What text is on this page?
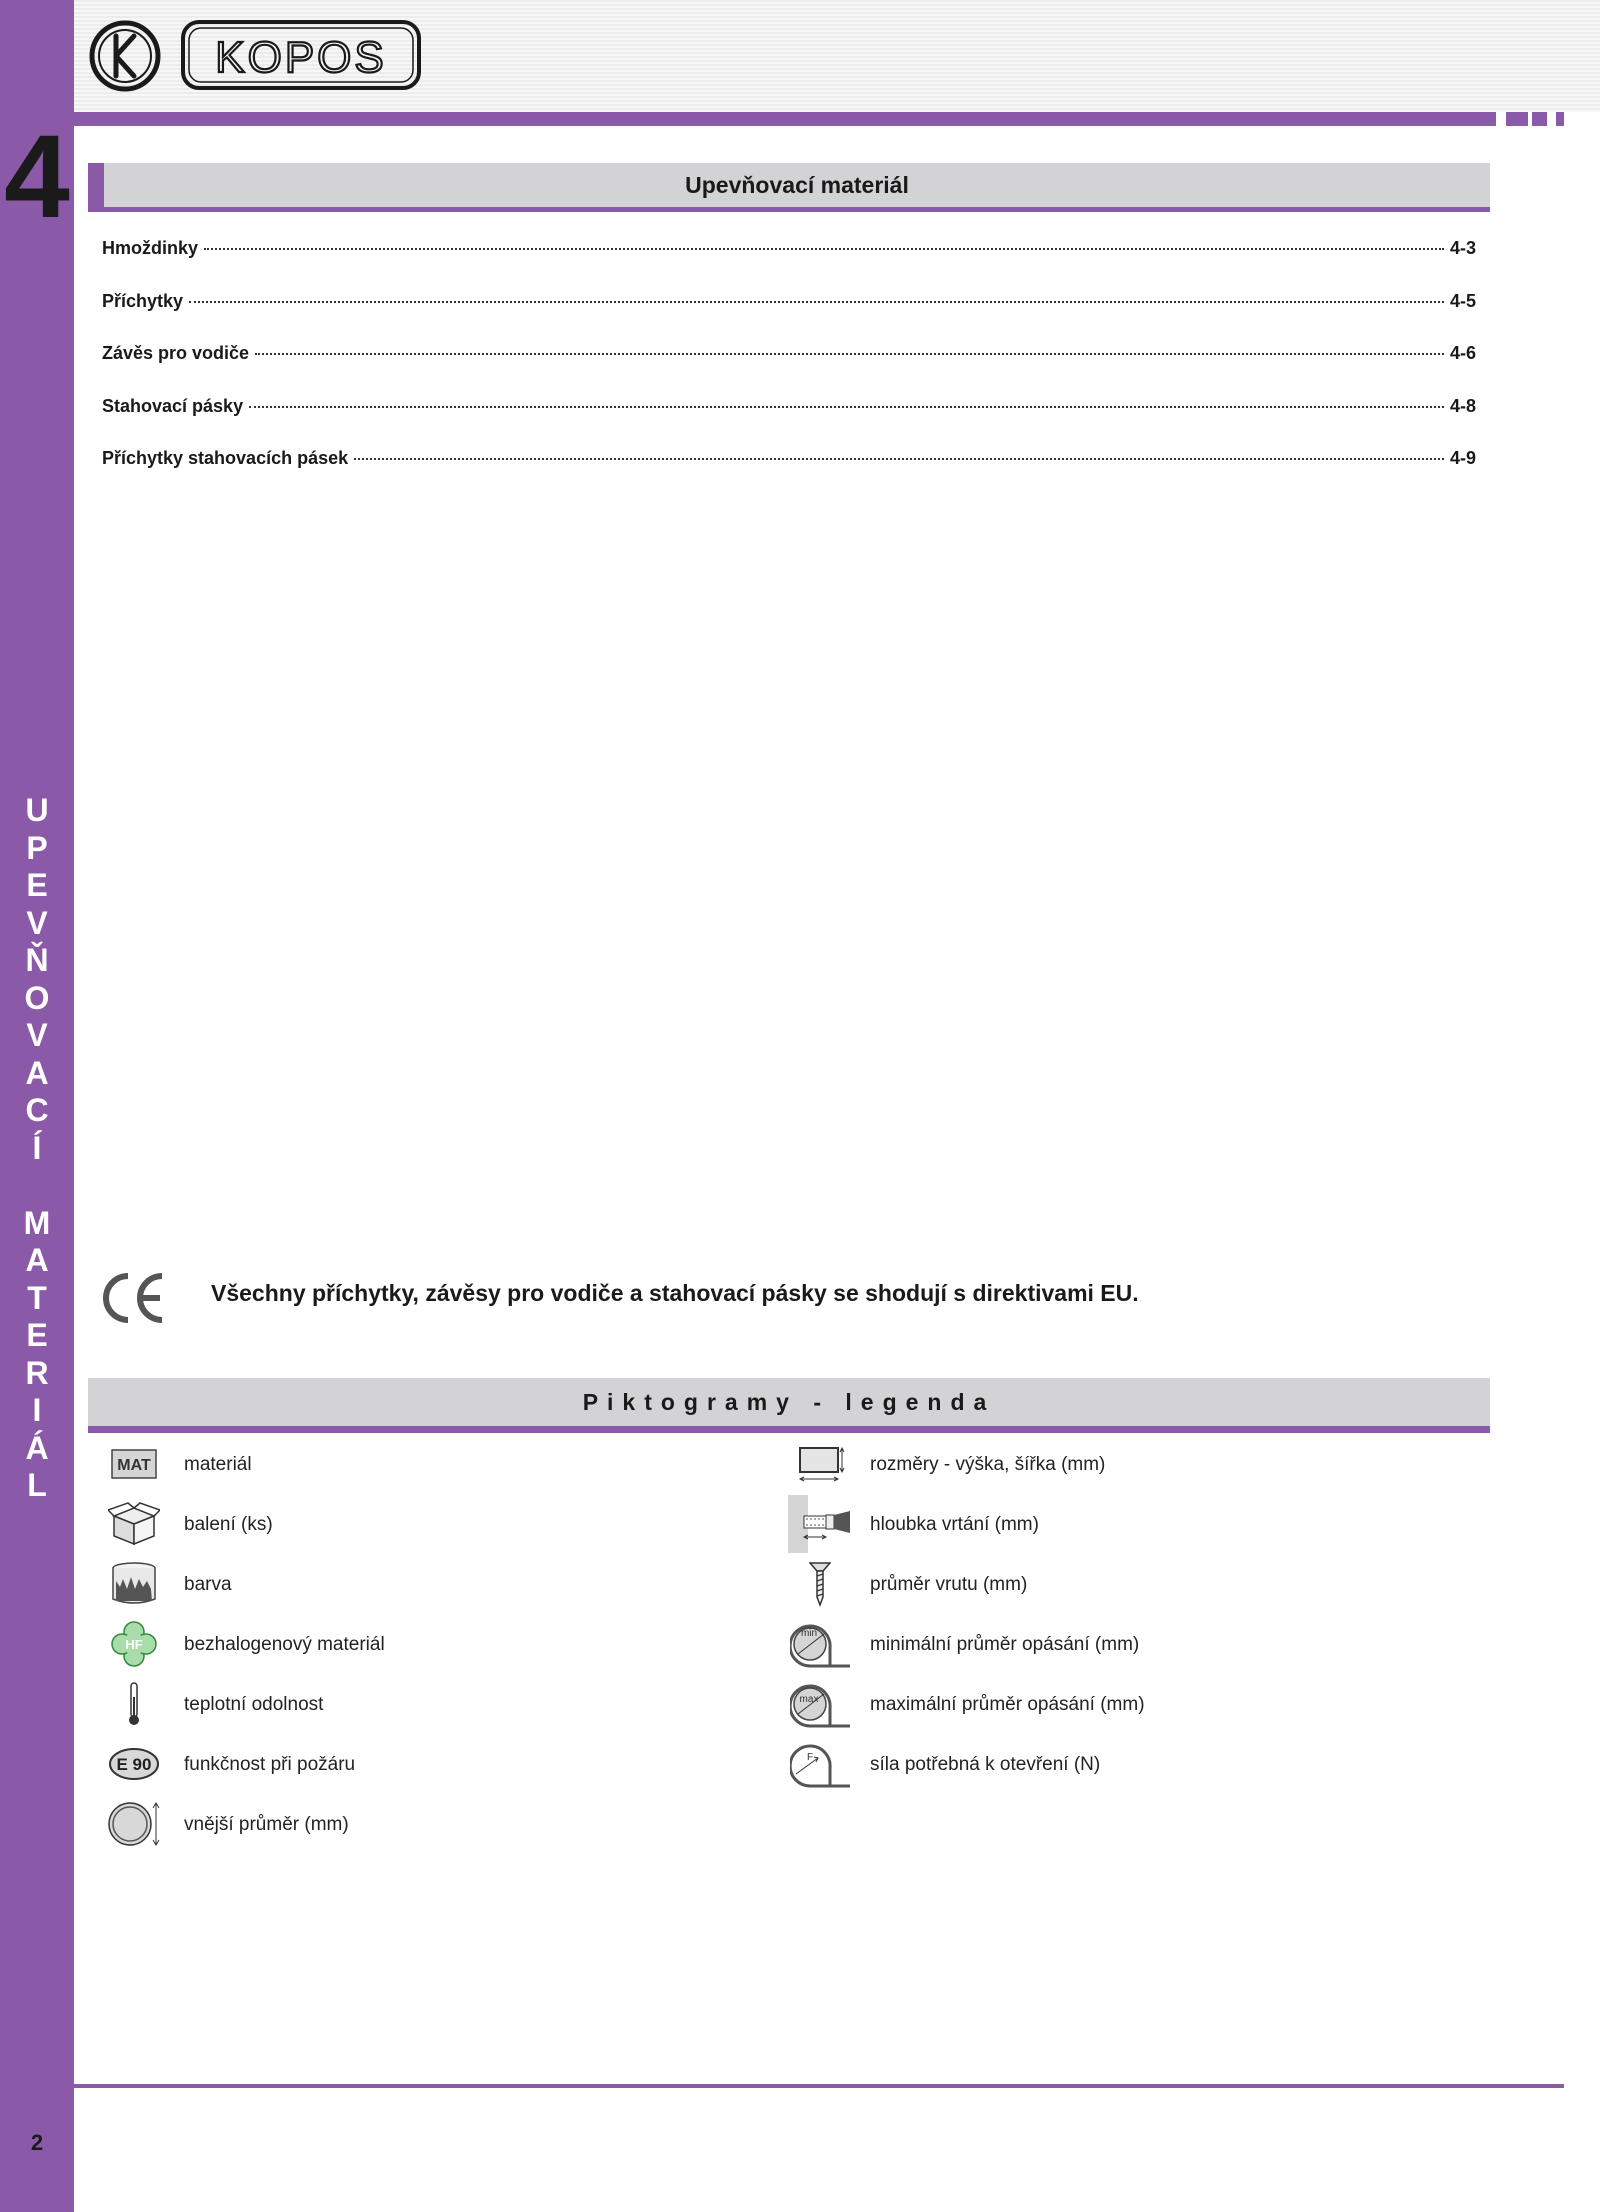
4
U
P
E
V
Ň
O
V
A
C
Í

M
A
T
E
R
I
Á
L
2
KOPOS
Upevňovací materiál
Hmoždinky	4-3
Příchytky	4-5
Závěs pro vodiče	4-6
Stahovací pásky	4-8
Příchytky stahovacích pásek	4-9
Všechny příchytky, závěsy pro vodiče a stahovací pásky se shodují s direktivami EU.
Piktogramy - legenda
MAT materiál
balení (ks)
barva
HF bezhalogenový materiál
teplotní odolnost
E 90 funkčnost při požáru
vnější průměr (mm)
rozměry - výška, šířka (mm)
hloubka vrtání (mm)
průměr vrutu (mm)
min
minimální průměr opásání (mm)
max	maximální průměr opásání (mm)
F	síla potřebná k otevření (N)
